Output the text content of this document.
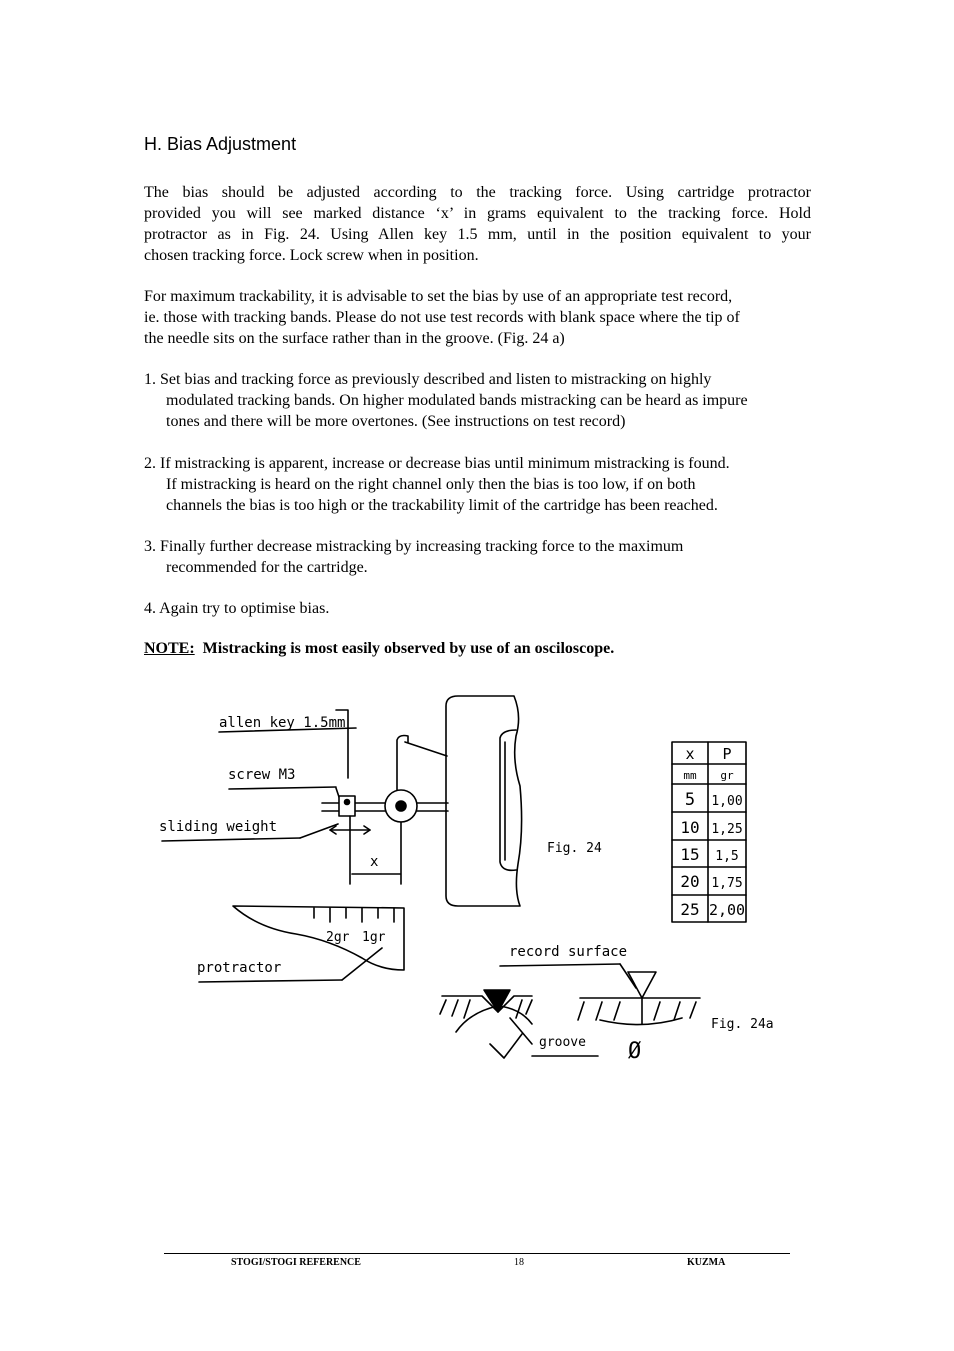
H. Bias Adjustment
The bias should be adjusted according to the tracking force. Using cartridge protractor
provided you will see marked distance ‘x’ in grams equivalent to the tracking force. Hold
protractor as in Fig. 24. Using Allen key 1.5 mm, until in the position equivalent to your
chosen tracking force. Lock screw when in position.
For maximum trackability, it is advisable to set the bias by use of an appropriate test record,
ie. those with tracking bands. Please do not use test records with blank space where the tip of
the needle sits on the surface rather than in the groove. (Fig. 24 a)
1. Set bias and tracking force as previously described and listen to mistracking on highly
modulated tracking bands. On higher modulated bands mistracking can be heard as impure
tones and there will be more overtones. (See instructions on test record)
2. If mistracking is apparent, increase or decrease bias until minimum mistracking is found.
If mistracking is heard on the right channel only then the bias is too low, if on both
channels the bias is too high or the trackability limit of the cartridge has been reached.
3. Finally further decrease mistracking by increasing tracking force to the maximum
recommended for the cartridge.
4. Again try to optimise bias.
NOTE: Mistracking is most easily observed by use of an osciloscope.
allen key 1.5mm
screw M3
sliding weight
x
Fig. 24
x P
mm gr
5 1,00
10 1,25
15 1,5
20 1,75
25 2,00
2gr 1gr
protractor
record surface
groove Ø
Fig. 24a
STOGI/STOGI REFERENCE	18	KUZMA
